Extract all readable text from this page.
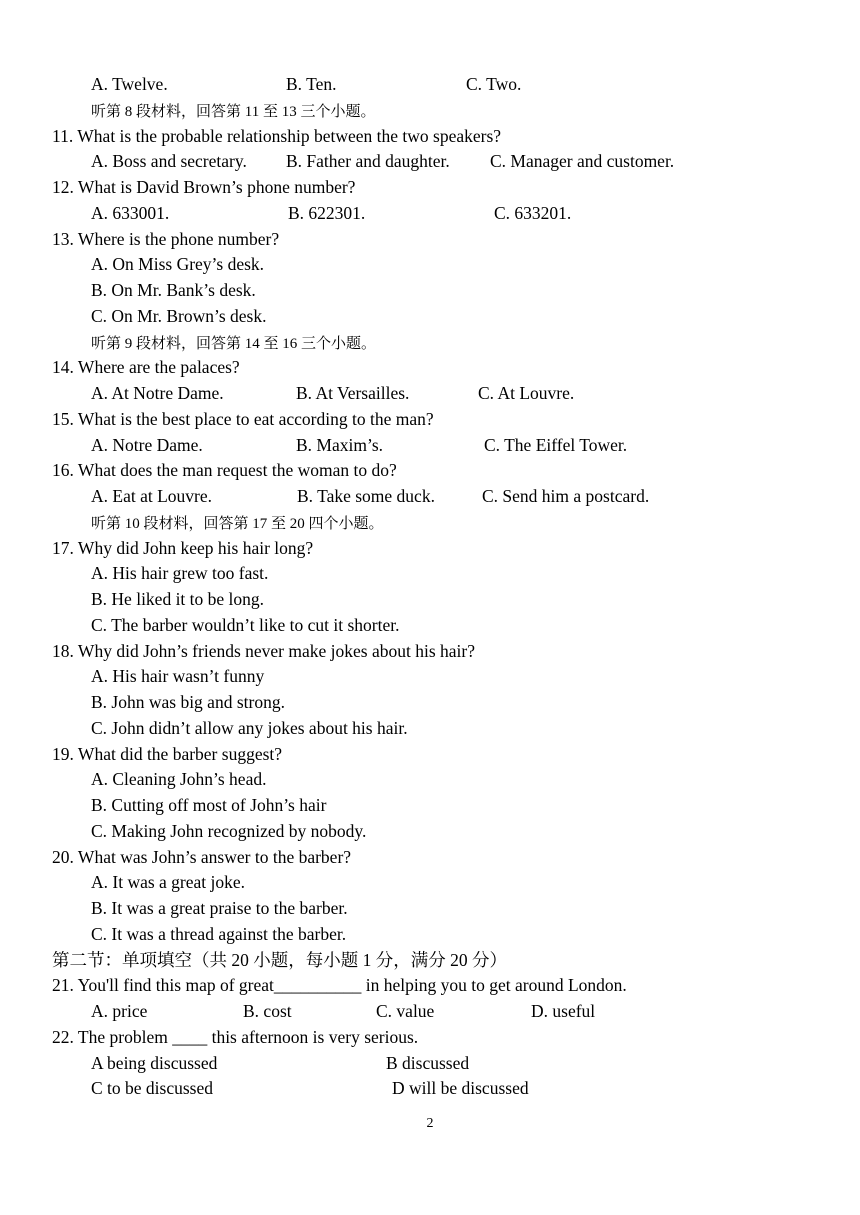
A. Twelve.	B. Ten.	C. Two.
听第 8 段材料，回答第 11 至 13 三个小题。
11. What is the probable relationship between the two speakers?
A. Boss and secretary. B. Father and daughter. C. Manager and customer.
12. What is David Brown’s phone number?
A. 633001.	B. 622301.	C. 633201.
13. Where is the phone number?
A. On Miss Grey’s desk.
B. On Mr. Bank’s desk.
C. On Mr. Brown’s desk.
听第 9 段材料，回答第 14 至 16 三个小题。
14. Where are the palaces?
A. At Notre Dame.	B. At Versailles.	C. At Louvre.
15. What is the best place to eat according to the man?
A. Notre Dame.	B. Maxim’s.	C. The Eiffel Tower.
16. What does the man request the woman to do?
A. Eat at Louvre.	B. Take some duck.	C. Send him a postcard.
听第 10 段材料，回答第 17 至 20 四个小题。
17. Why did John keep his hair long?
A. His hair grew too fast.
B. He liked it to be long.
C. The barber wouldn’t like to cut it shorter.
18. Why did John’s friends never make jokes about his hair?
A. His hair wasn’t funny
B. John was big and strong.
C. John didn’t allow any jokes about his hair.
19. What did the barber suggest?
A. Cleaning John’s head.
B. Cutting off most of John’s hair
C. Making John recognized by nobody.
20. What was John’s answer to the barber?
A. It was a great joke.
B. It was a great praise to the barber.
C. It was a thread against the barber.
第二节：单项填空（共 20 小题，每小题 1 分，满分 20 分）
21. You'll find this map of great__________ in helping you to get around London.
A. price	B. cost	C. value	D. useful
22. The problem ____ this afternoon is very serious.
A being discussed	B discussed
C to be discussed	D will be discussed
2
